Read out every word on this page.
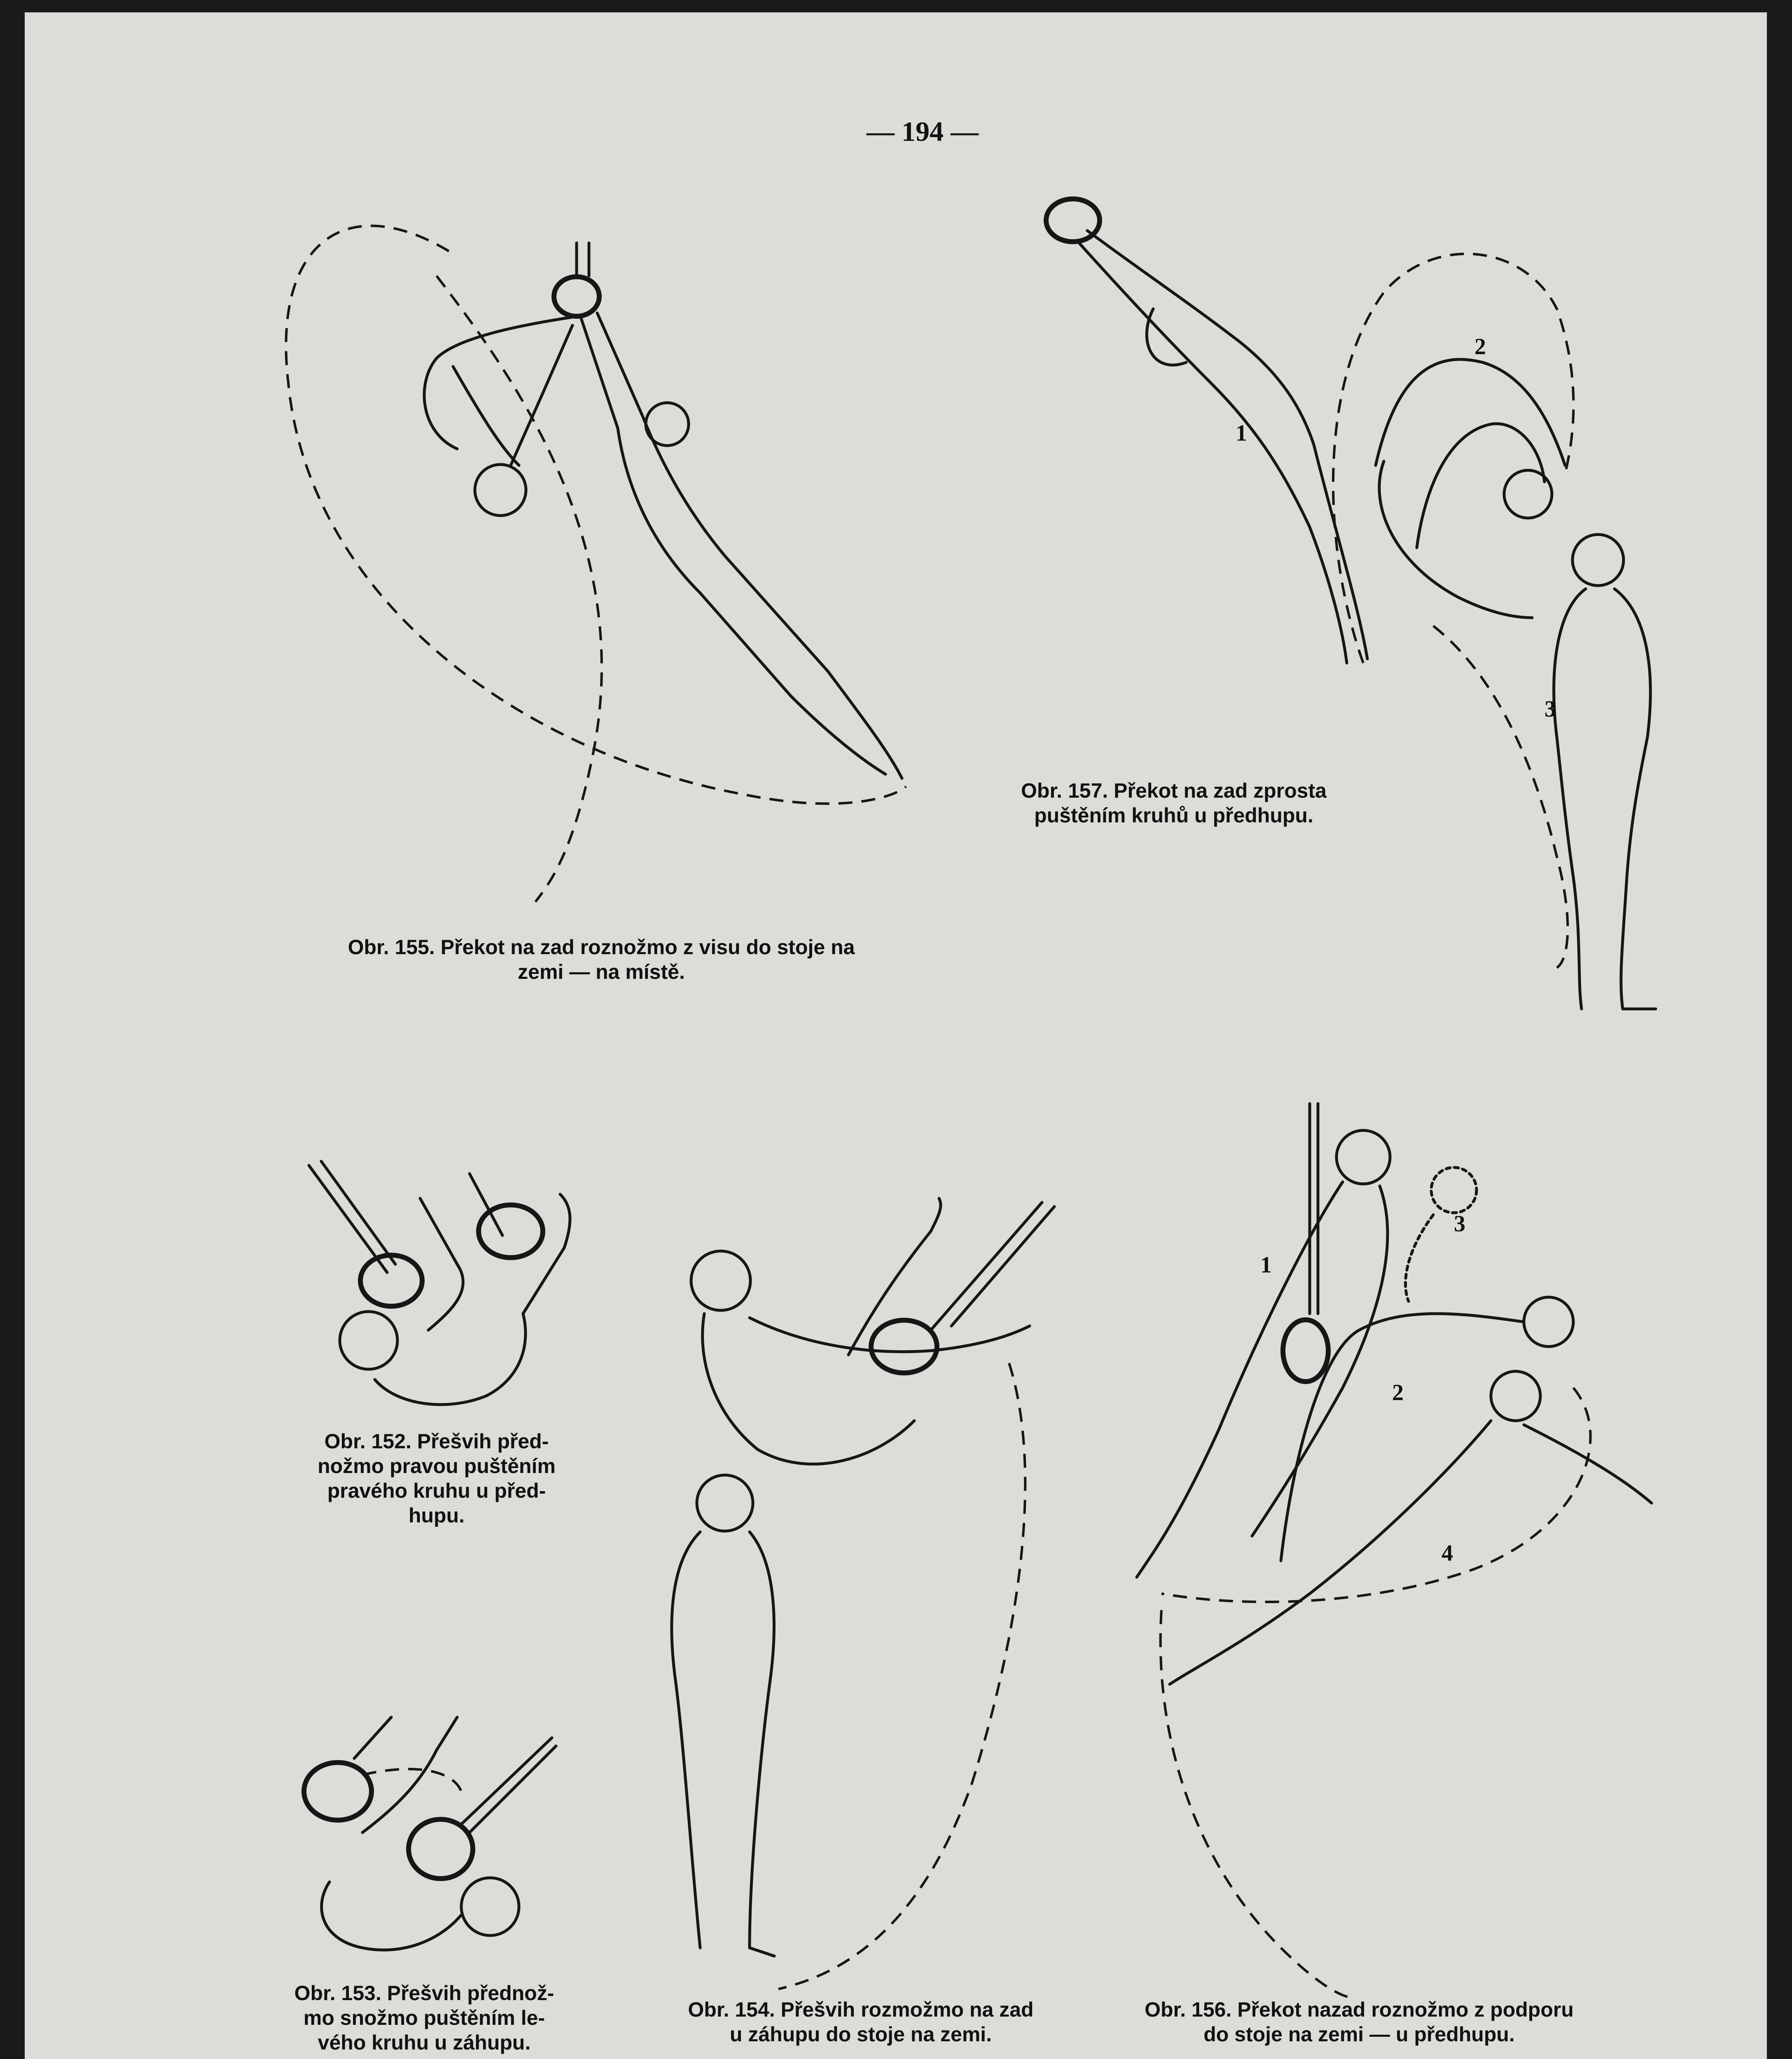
— 194 —
2
1
3
1
2
3
4
Obr. 155. Překot na zad roznožmo z visu do stoje na
zemi — na místě.
Obr. 157. Překot na zad zprosta
puštěním kruhů u předhupu.
Obr. 152. Přešvih před-
nožmo pravou puštěním
pravého kruhu u před-
hupu.
Obr. 154. Přešvih rozmožmo na zad
u záhupu do stoje na zemi.
Obr. 156. Překot nazad roznožmo z podporu
do stoje na zemi — u předhupu.
Obr. 153. Přešvih přednož-
mo snožmo puštěním le-
vého kruhu u záhupu.
